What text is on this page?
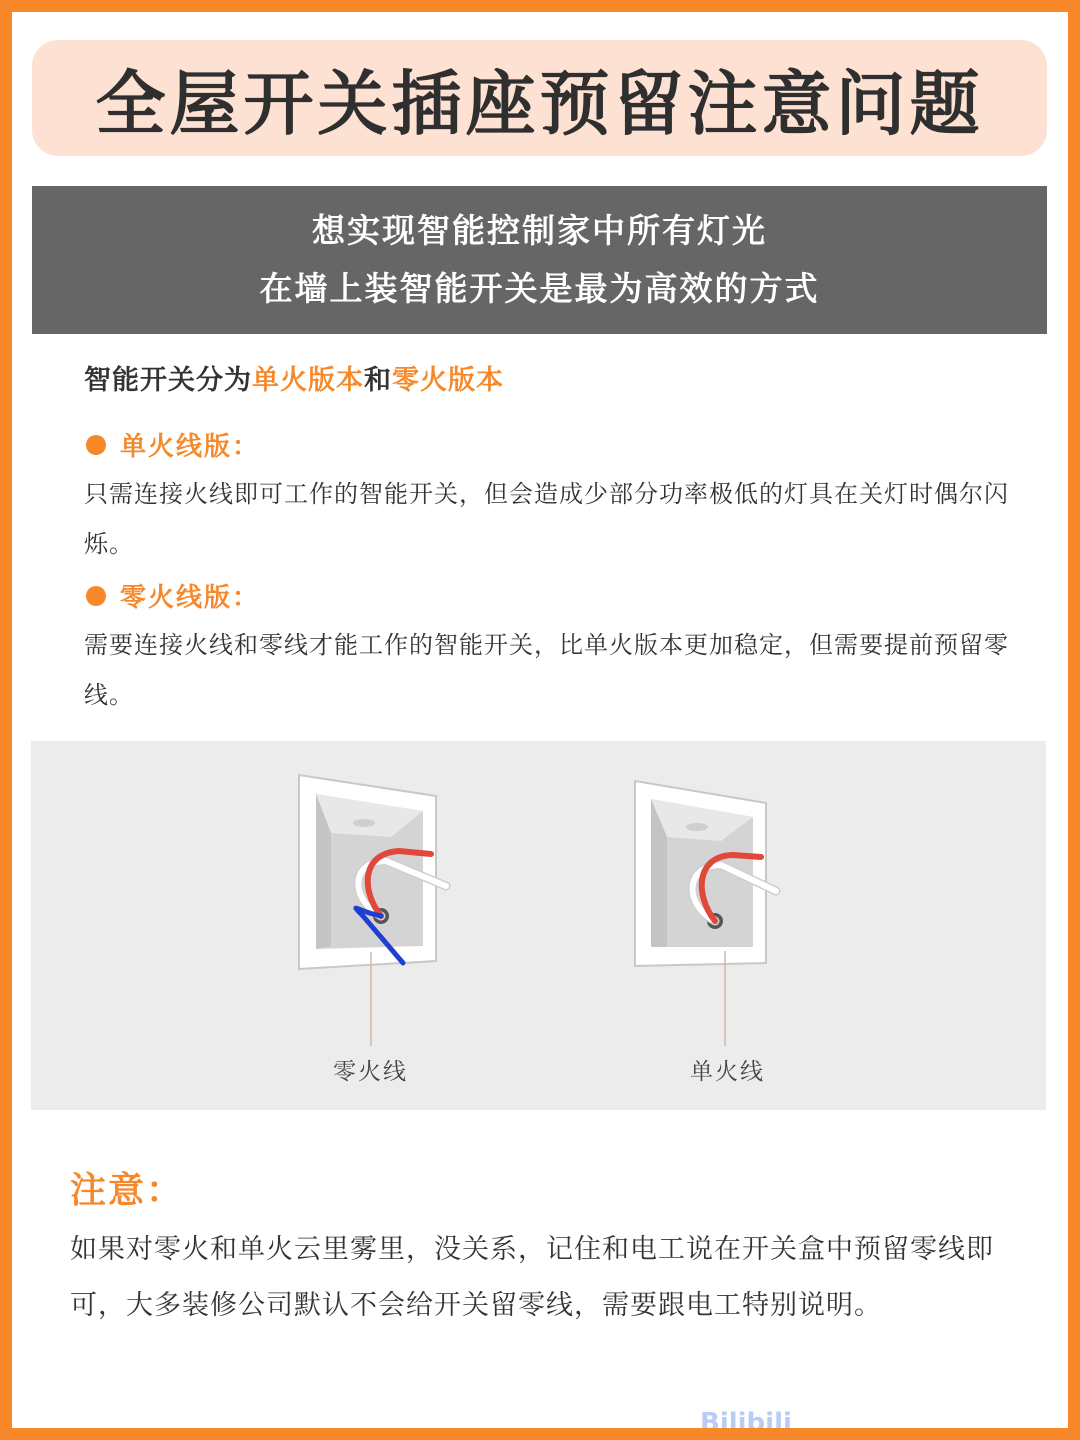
全屋开关插座预留注意问题
想实现智能控制家中所有灯光
在墙上装智能开关是最为高效的方式
智能开关分为单火版本和零火版本
单火线版：
只需连接火线即可工作的智能开关，但会造成少部分功率极低的灯具在关灯时偶尔闪烁。
零火线版：
需要连接火线和零线才能工作的智能开关，比单火版本更加稳定，但需要提前预留零线。
零火线	单火线
注意：
如果对零火和单火云里雾里，没关系，记住和电工说在开关盒中预留零线即可，大多装修公司默认不会给开关留零线，需要跟电工特别说明。
Bilibili
